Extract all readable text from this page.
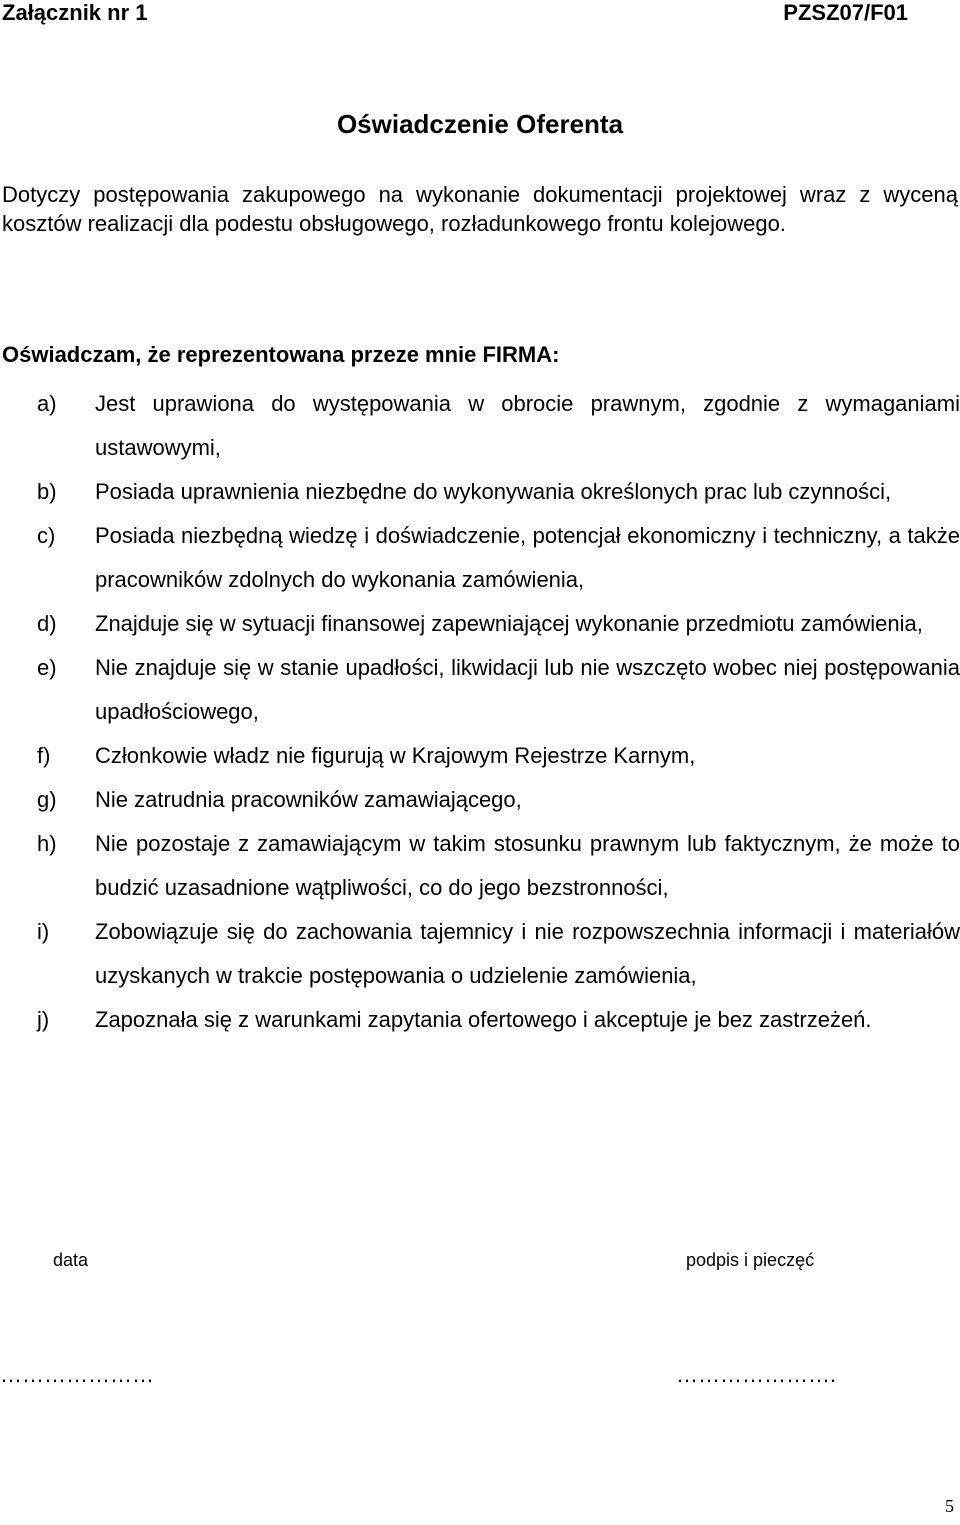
Załącznik nr 1	PZSZ07/F01
Oświadczenie Oferenta
Dotyczy postępowania zakupowego na wykonanie dokumentacji projektowej wraz z wyceną kosztów realizacji dla podestu obsługowego, rozładunkowego frontu kolejowego.
Oświadczam, że reprezentowana przeze mnie FIRMA:
a) Jest uprawiona do występowania w obrocie prawnym, zgodnie z wymaganiami ustawowymi,
b) Posiada uprawnienia niezbędne do wykonywania określonych prac lub czynności,
c) Posiada niezbędną wiedzę i doświadczenie, potencjał ekonomiczny i techniczny, a także pracowników zdolnych do wykonania zamówienia,
d) Znajduje się w sytuacji finansowej zapewniającej wykonanie przedmiotu zamówienia,
e) Nie znajduje się w stanie upadłości, likwidacji lub nie wszczęto wobec niej postępowania upadłościowego,
f) Członkowie władz nie figurują w Krajowym Rejestrze Karnym,
g) Nie zatrudnia pracowników zamawiającego,
h) Nie pozostaje z zamawiającym w takim stosunku prawnym lub faktycznym, że może to budzić uzasadnione wątpliwości, co do jego bezstronności,
i) Zobowiązuje się do zachowania tajemnicy i nie rozpowszechnia informacji i materiałów uzyskanych w trakcie postępowania o udzielenie zamówienia,
j) Zapoznała się z warunkami zapytania ofertowego i akceptuje je bez zastrzeżeń.
data	podpis i pieczęć
…………………	………………….
5
